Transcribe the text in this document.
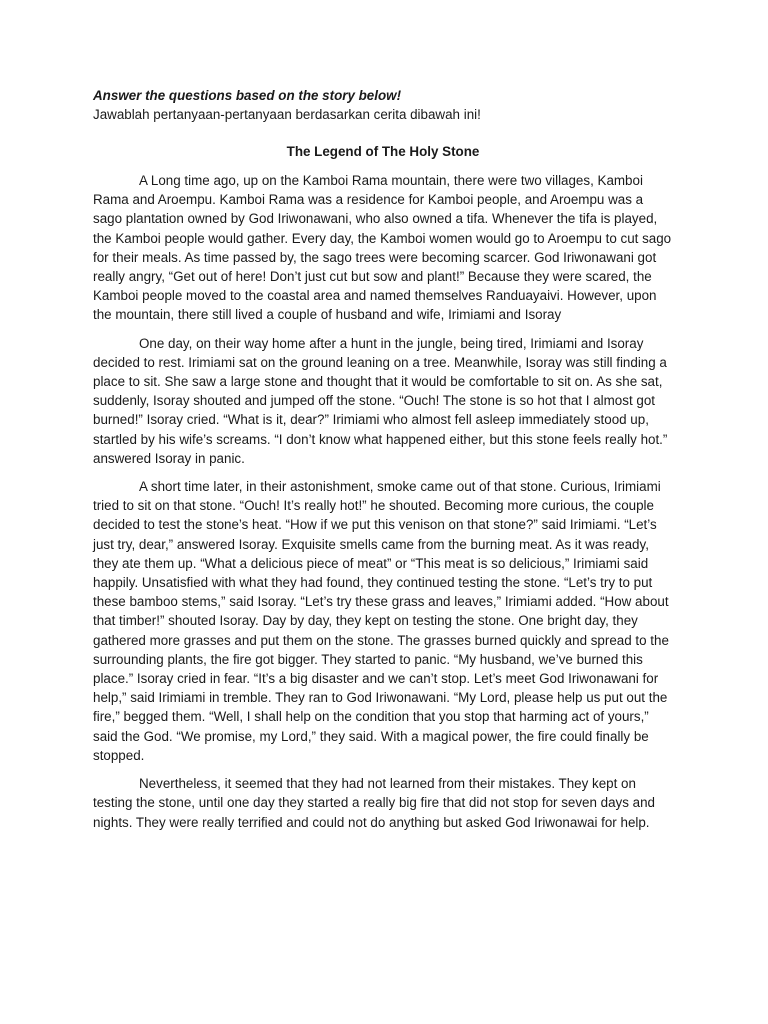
Answer the questions based on the story below!

Jawablah pertanyaan-pertanyaan berdasarkan cerita dibawah ini!

The Legend of The Holy Stone

A Long time ago, up on the Kamboi Rama mountain, there were two villages, Kamboi Rama and Aroempu. Kamboi Rama was a residence for Kamboi people, and Aroempu was a sago plantation owned by God Iriwonawani, who also owned a tifa. Whenever the tifa is played, the Kamboi people would gather. Every day, the Kamboi women would go to Aroempu to cut sago for their meals. As time passed by, the sago trees were becoming scarcer. God Iriwonawani got really angry, “Get out of here! Don’t just cut but sow and plant!” Because they were scared, the Kamboi people moved to the coastal area and named themselves Randuayaivi. However, upon the mountain, there still lived a couple of husband and wife, Irimiami and Isoray

One day, on their way home after a hunt in the jungle, being tired, Irimiami and Isoray decided to rest. Irimiami sat on the ground leaning on a tree. Meanwhile, Isoray was still finding a place to sit. She saw a large stone and thought that it would be comfortable to sit on. As she sat, suddenly, Isoray shouted and jumped off the stone. “Ouch! The stone is so hot that I almost got burned!” Isoray cried. “What is it, dear?” Irimiami who almost fell asleep immediately stood up, startled by his wife’s screams. “I don’t know what happened either, but this stone feels really hot.” answered Isoray in panic.

A short time later, in their astonishment, smoke came out of that stone. Curious, Irimiami tried to sit on that stone. “Ouch! It’s really hot!” he shouted. Becoming more curious, the couple decided to test the stone’s heat. “How if we put this venison on that stone?” said Irimiami. “Let’s just try, dear,” answered Isoray. Exquisite smells came from the burning meat. As it was ready, they ate them up. “What a delicious piece of meat” or “This meat is so delicious,” Irimiami said happily. Unsatisfied with what they had found, they continued testing the stone. “Let’s try to put these bamboo stems,” said Isoray. “Let’s try these grass and leaves,” Irimiami added. “How about that timber!” shouted Isoray. Day by day, they kept on testing the stone. One bright day, they gathered more grasses and put them on the stone. The grasses burned quickly and spread to the surrounding plants, the fire got bigger. They started to panic. “My husband, we’ve burned this place.” Isoray cried in fear. “It’s a big disaster and we can’t stop. Let’s meet God Iriwonawani for help,” said Irimiami in tremble. They ran to God Iriwonawani. “My Lord, please help us put out the fire,” begged them. “Well, I shall help on the condition that you stop that harming act of yours,” said the God. “We promise, my Lord,” they said. With a magical power, the fire could finally be stopped.

Nevertheless, it seemed that they had not learned from their mistakes. They kept on testing the stone, until one day they started a really big fire that did not stop for seven days and nights. They were really terrified and could not do anything but asked God Iriwonawai for help.
